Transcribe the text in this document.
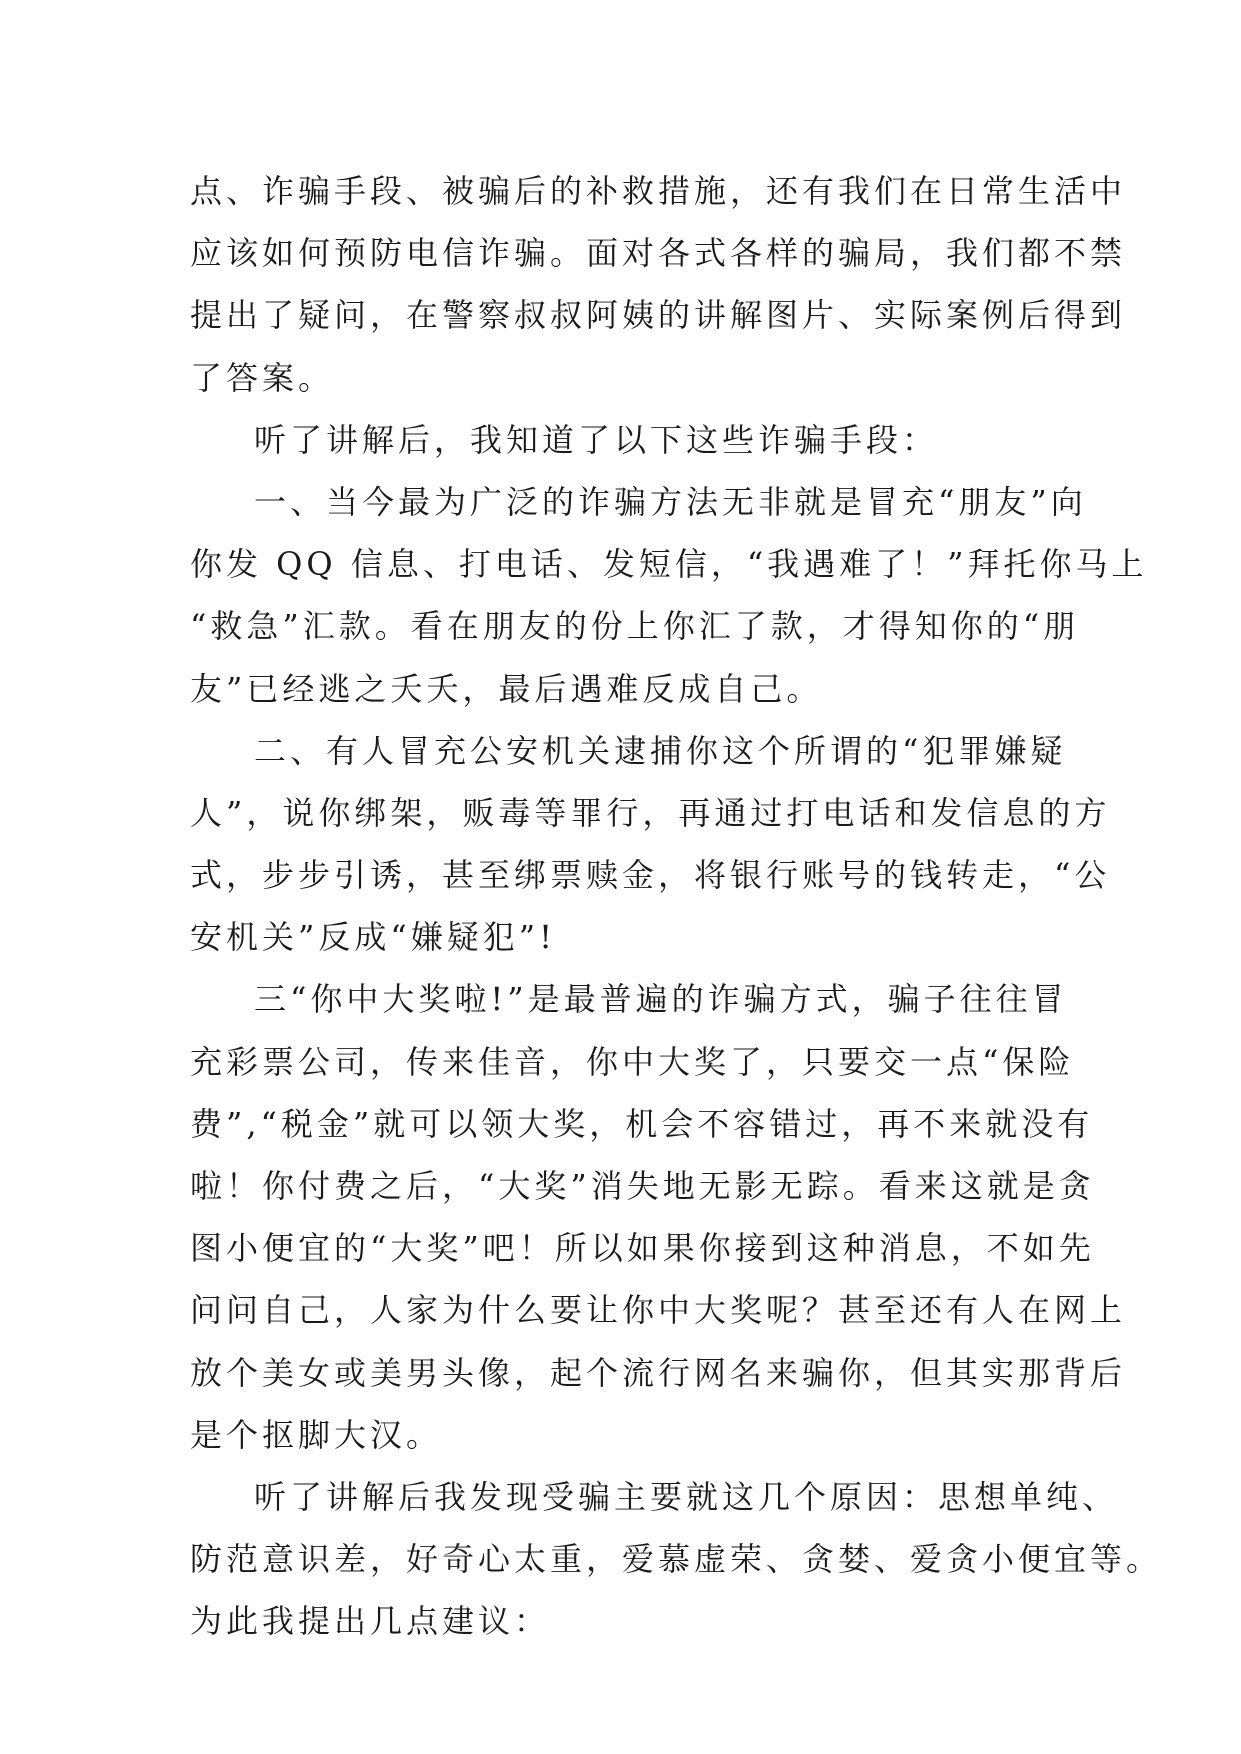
点、诈骗手段、被骗后的补救措施，还有我们在日常生活中
应该如何预防电信诈骗。面对各式各样的骗局，我们都不禁
提出了疑问，在警察叔叔阿姨的讲解图片、实际案例后得到
了答案。
听了讲解后，我知道了以下这些诈骗手段：
一、当今最为广泛的诈骗方法无非就是冒充“朋友”向
你发 QQ 信息、打电话、发短信，“我遇难了！”拜托你马上
“救急”汇款。看在朋友的份上你汇了款，才得知你的“朋
友”已经逃之夭夭，最后遇难反成自己。
二、有人冒充公安机关逮捕你这个所谓的“犯罪嫌疑
人”，说你绑架，贩毒等罪行，再通过打电话和发信息的方
式，步步引诱，甚至绑票赎金，将银行账号的钱转走，“公
安机关”反成“嫌疑犯”!
三“你中大奖啦!”是最普遍的诈骗方式，骗子往往冒
充彩票公司，传来佳音，你中大奖了，只要交一点“保险
费”,“税金”就可以领大奖，机会不容错过，再不来就没有
啦！你付费之后，“大奖”消失地无影无踪。看来这就是贪
图小便宜的“大奖”吧！所以如果你接到这种消息，不如先
问问自己，人家为什么要让你中大奖呢？甚至还有人在网上
放个美女或美男头像，起个流行网名来骗你，但其实那背后
是个抠脚大汉。
听了讲解后我发现受骗主要就这几个原因：思想单纯、
防范意识差，好奇心太重，爱慕虚荣、贪婪、爱贪小便宜等。
为此我提出几点建议：
